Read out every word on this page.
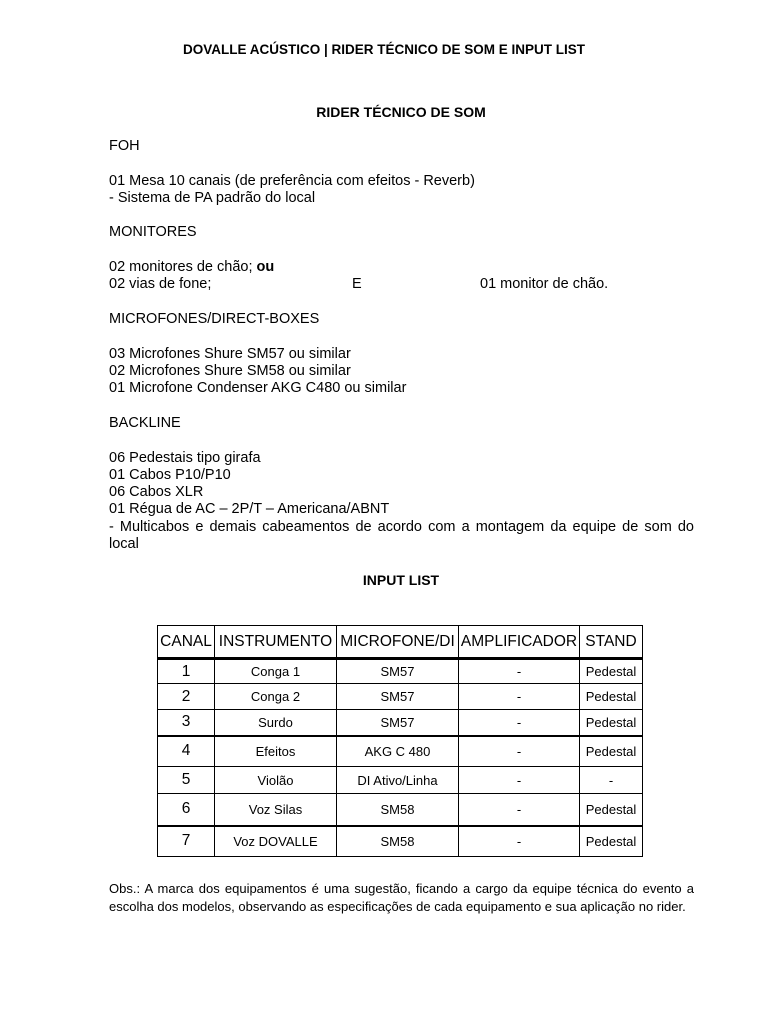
DOVALLE ACÚSTICO | RIDER TÉCNICO DE SOM E INPUT LIST
RIDER TÉCNICO DE SOM
FOH
01 Mesa 10 canais (de preferência com efeitos - Reverb)
- Sistema de PA padrão do local
MONITORES
02 monitores de chão; ou
02 vias de fone;	E	01 monitor de chão.
MICROFONES/DIRECT-BOXES
03 Microfones Shure SM57 ou similar
02 Microfones Shure SM58 ou similar
01 Microfone Condenser AKG C480 ou similar
BACKLINE
06 Pedestais tipo girafa
01 Cabos P10/P10
06 Cabos XLR
01 Régua de AC – 2P/T – Americana/ABNT
- Multicabos e demais cabeamentos de acordo com a montagem da equipe de som do local
INPUT LIST
CANAL	INSTRUMENTO	MICROFONE/DI	AMPLIFICADOR	STAND
1	Conga 1	SM57	-	Pedestal
2	Conga 2	SM57	-	Pedestal
3	Surdo	SM57	-	Pedestal
4	Efeitos	AKG C 480	-	Pedestal
5	Violão	DI Ativo/Linha	-	-
6	Voz Silas	SM58	-	Pedestal
7	Voz DOVALLE	SM58	-	Pedestal
Obs.: A marca dos equipamentos é uma sugestão, ficando a cargo da equipe técnica do evento a escolha dos modelos, observando as especificações de cada equipamento e sua aplicação no rider.
